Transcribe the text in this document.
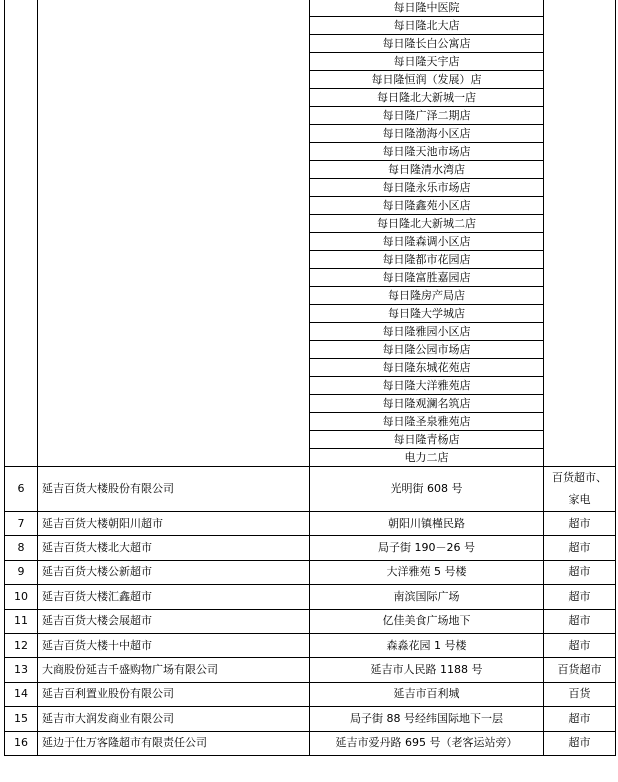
		每日隆中医院	
		每日隆北大店	
		每日隆长白公寓店	
		每日隆天宇店	
		每日隆恒润（发展）店	
		每日隆北大新城一店	
		每日隆广泽二期店	
		每日隆渤海小区店	
		每日隆天池市场店	
		每日隆清水湾店	
		每日隆永乐市场店	
		每日隆鑫苑小区店	
		每日隆北大新城二店	
		每日隆森调小区店	
		每日隆都市花园店	
		每日隆富胜嘉园店	
		每日隆房产局店	
		每日隆大学城店	
		每日隆雅园小区店	
		每日隆公园市场店	
		每日隆东城花苑店	
		每日隆大洋雅苑店	
		每日隆观澜名筑店	
		每日隆圣泉雅苑店	
		每日隆青杨店	
		电力二店	
6	延吉百货大楼股份有限公司	光明街 608 号	百货超市、家电
7	延吉百货大楼朝阳川超市	朝阳川镇槿民路	超市
8	延吉百货大楼北大超市	局子街 190－26 号	超市
9	延吉百货大楼公新超市	大洋雅苑 5 号楼	超市
10	延吉百货大楼汇鑫超市	南滨国际广场	超市
11	延吉百货大楼会展超市	亿佳美食广场地下	超市
12	延吉百货大楼十中超市	森淼花园 1 号楼	超市
13	大商股份延吉千盛购物广场有限公司	延吉市人民路 1188 号	百货超市
14	延吉百利置业股份有限公司	延吉市百利城	百货
15	延吉市大润发商业有限公司	局子街 88 号经纬国际地下一层	超市
16	延边于仕万客隆超市有限责任公司	延吉市爱丹路 695 号（老客运站旁）	超市
